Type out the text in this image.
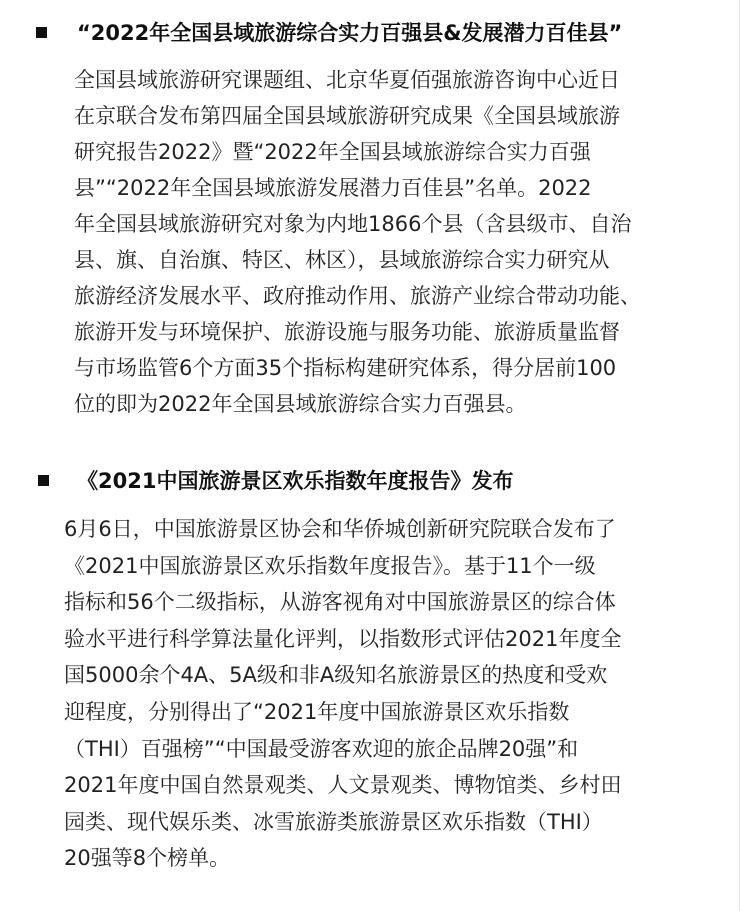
“2022年全国县域旅游综合实力百强县&发展潜力百佳县”
全国县域旅游研究课题组、北京华夏佰强旅游咨询中心近日
在京联合发布第四届全国县域旅游研究成果《全国县域旅游
研究报告2022》暨“2022年全国县域旅游综合实力百强
县”“2022年全国县域旅游发展潜力百佳县”名单。2022
年全国县域旅游研究对象为内地1866个县（含县级市、自治
县、旗、自治旗、特区、林区），县域旅游综合实力研究从
旅游经济发展水平、政府推动作用、旅游产业综合带动功能、
旅游开发与环境保护、旅游设施与服务功能、旅游质量监督
与市场监管6个方面35个指标构建研究体系，得分居前100
位的即为2022年全国县域旅游综合实力百强县。
《2021中国旅游景区欢乐指数年度报告》发布
6月6日，中国旅游景区协会和华侨城创新研究院联合发布了
《2021中国旅游景区欢乐指数年度报告》。基于11个一级
指标和56个二级指标，从游客视角对中国旅游景区的综合体
验水平进行科学算法量化评判，以指数形式评估2021年度全
国5000余个4A、5A级和非A级知名旅游景区的热度和受欢
迎程度，分别得出了“2021年度中国旅游景区欢乐指数
（THI）百强榜”“中国最受游客欢迎的旅企品牌20强”和
2021年度中国自然景观类、人文景观类、博物馆类、乡村田
园类、现代娱乐类、冰雪旅游类旅游景区欢乐指数（THI）
20强等8个榜单。
